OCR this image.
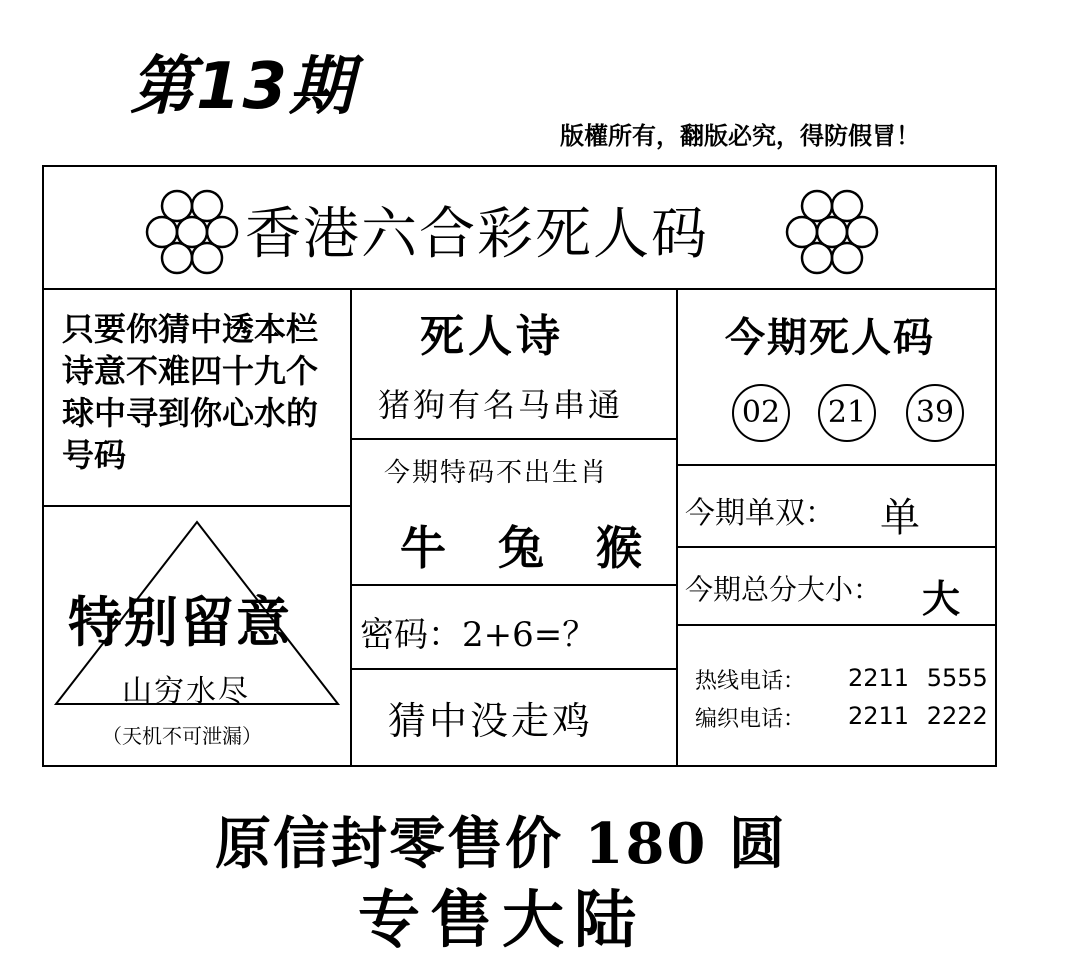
第13期
版權所有，翻版必究，得防假冒！
香港六合彩死人码
只要你猜中透本栏诗意不难四十九个球中寻到你心水的号码
特别留意
山穷水尽
（天机不可泄漏）
死人诗
猪狗有名马串通
今期特码不出生肖
牛 兔 猴
密码：2+6=？
猜中没走鸡
今期死人码
02	21	39
今期单双： 单
今期总分大小： 大
热线电话： 2211 5555
编织电话： 2211 2222
原信封零售价 180 圆
专售大陆
